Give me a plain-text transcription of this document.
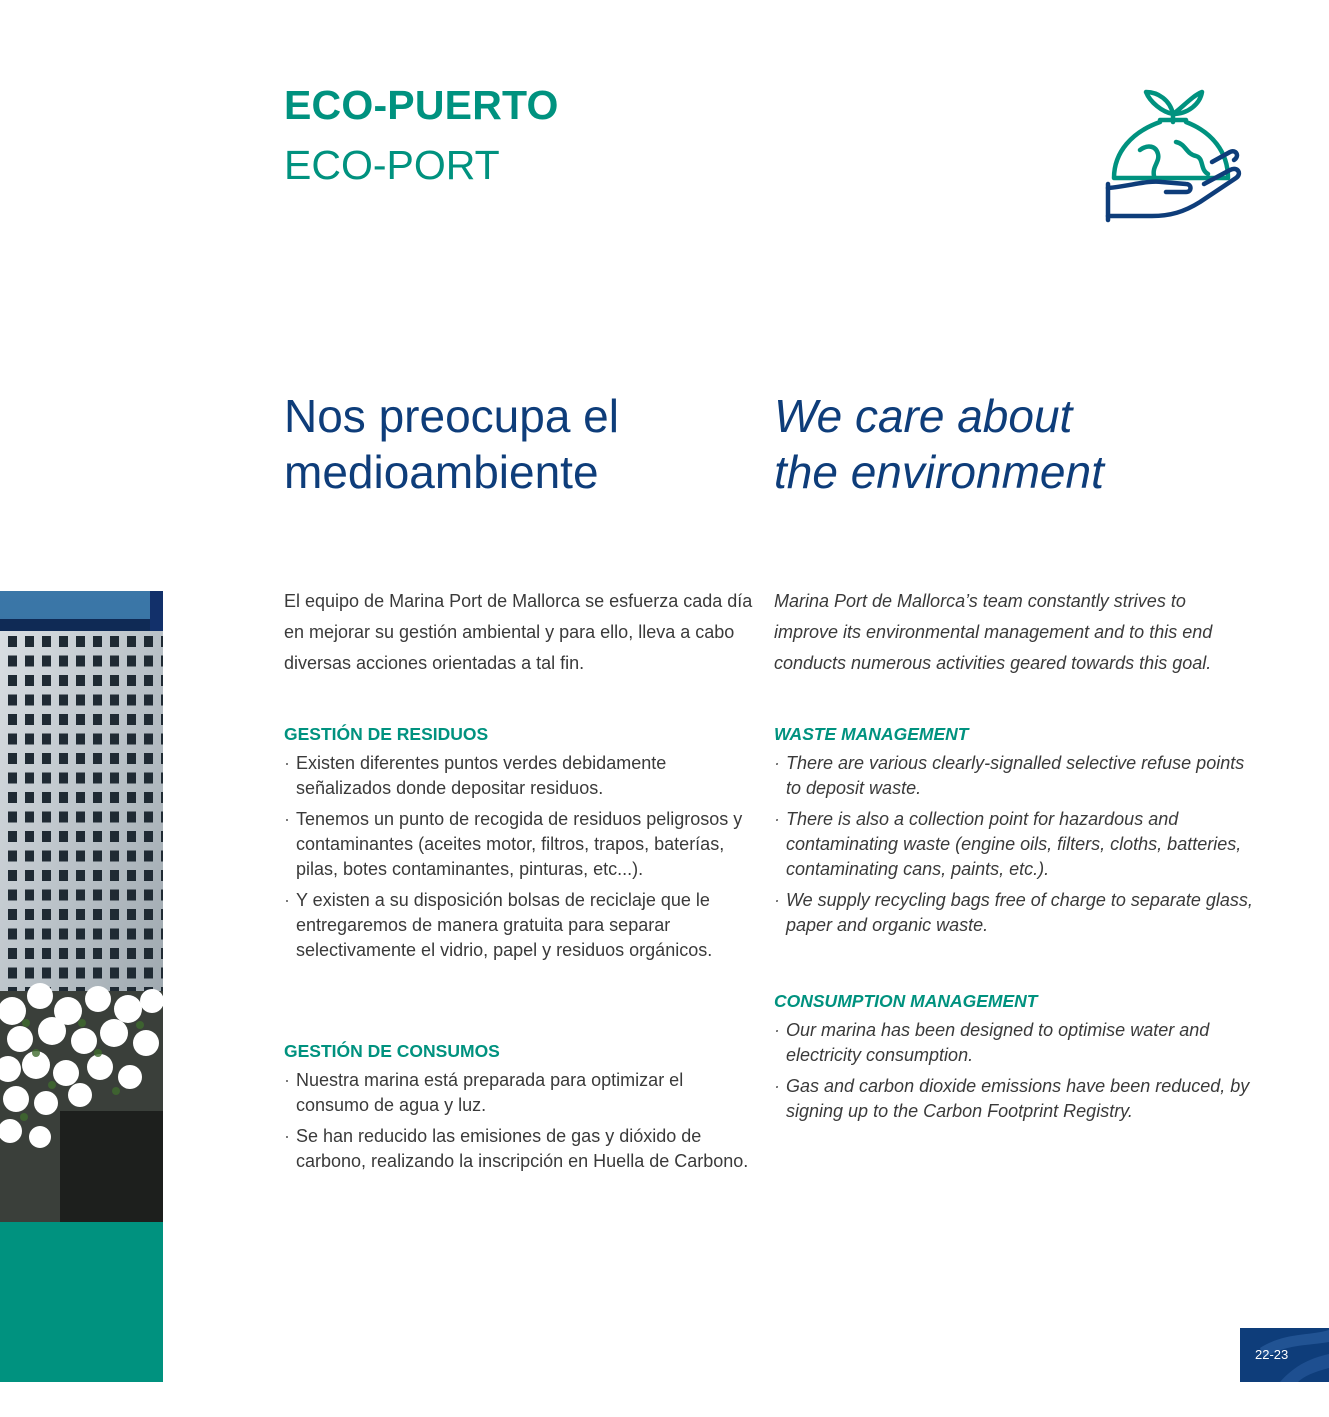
ECO-PUERTO
ECO-PORT
Nos preocupa el
medioambiente
We care about
the environment

El equipo de Marina Port de Mallorca se esfuerza cada día en mejorar su gestión ambiental y para ello, lleva a cabo diversas acciones orientadas a tal fin.

GESTIÓN DE RESIDUOS

· Existen diferentes puntos verdes debidamente señalizados donde depositar residuos.
· Tenemos un punto de recogida de residuos peligrosos y contaminantes (aceites motor, filtros, trapos, baterías, pilas, botes contaminantes, pinturas, etc...).
· Y existen a su disposición bolsas de reciclaje que le entregaremos de manera gratuita para separar selectivamente el vidrio, papel y residuos orgánicos.

GESTIÓN DE CONSUMOS

· Nuestra marina está preparada para optimizar el consumo de agua y luz.
· Se han reducido las emisiones de gas y dióxido de carbono, realizando la inscripción en Huella de Carbono.

Marina Port de Mallorca’s team constantly strives to improve its environmental management and to this end conducts numerous activities geared towards this goal.

WASTE MANAGEMENT

· There are various clearly-signalled selective refuse points to deposit waste.
· There is also a collection point for hazardous and contaminating waste (engine oils, filters, cloths, batteries, contaminating cans, paints, etc.).
· We supply recycling bags free of charge to separate glass, paper and organic waste.

CONSUMPTION MANAGEMENT

· Our marina has been designed to optimise water and electricity consumption.
· Gas and carbon dioxide emissions have been reduced, by signing up to the Carbon Footprint Registry.
22-23
